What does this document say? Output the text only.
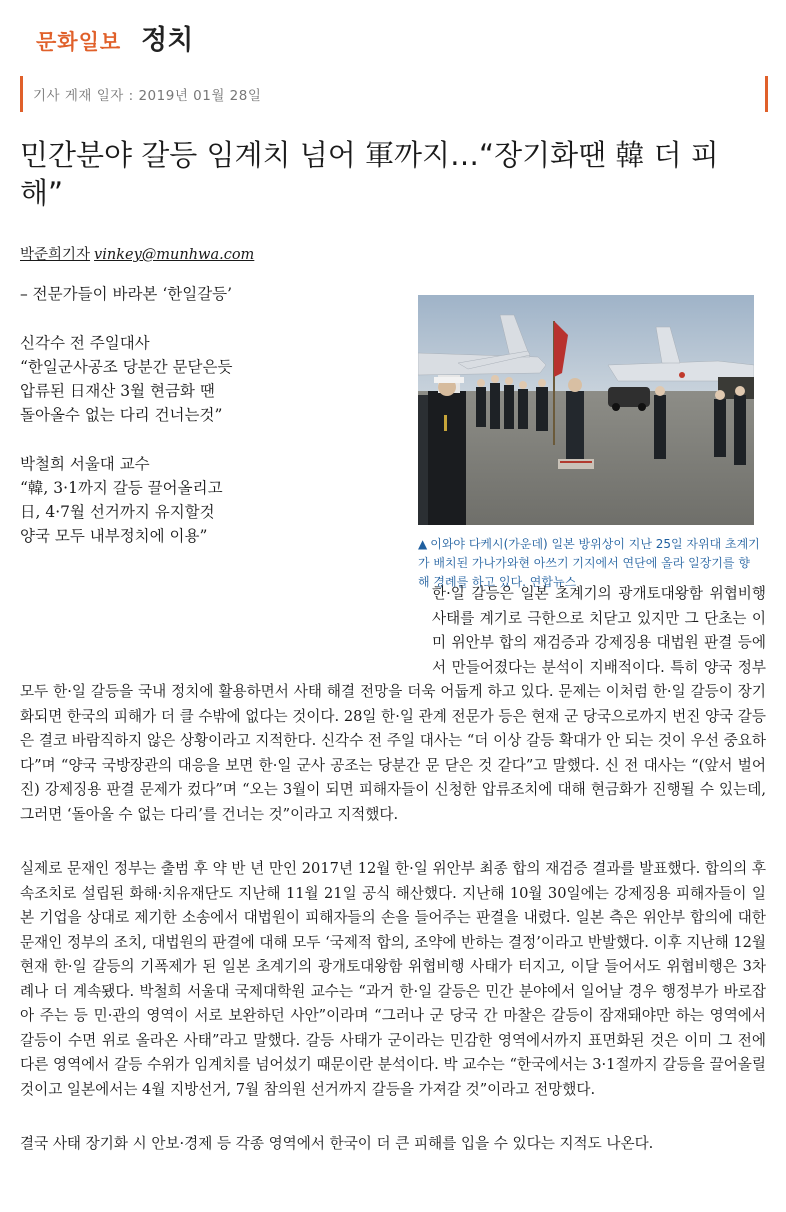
문화일보 정치
기사 게재 일자 : 2019년 01월 28일
민간분야 갈등 임계치 넘어 軍까지…“장기화땐 韓 더 피해”
박준희기자 vinkey@munhwa.com
– 전문가들이 바라본 ‘한일갈등’
신각수 전 주일대사
“한일군사공조 당분간 문닫은듯
압류된 日재산 3월 현금화 땐
돌아올수 없는 다리 건너는것”
박철희 서울대 교수
“韓, 3·1까지 갈등 끌어올리고
日, 4·7월 선거까지 유지할것
양국 모두 내부정치에 이용”	▲ 이와야 다케시(가운데) 일본 방위상이 지난 25일 자위대 초계기가 배치된 가나가와현 아쓰기 기지에서 연단에 올라 일장기를 향해 경례를 하고 있다. 연합뉴스

한·일 갈등은 일본 초계기의 광개토대왕함 위협비행 사태를 계기로 극한으로 치닫고 있지만 그 단초는 이미 위안부 합의 재검증과 강제징용 대법원 판결 등에서 만들어졌다는 분석이 지배적이다. 특히 양국 정부 모두 한·일 갈등을 국내 정치에 활용하면서 사태 해결 전망을 더욱 어둡게 하고 있다. 문제는 이처럼 한·일 갈등이 장기화되면 한국의 피해가 더 클 수밖에 없다는 것이다. 28일 한·일 관계 전문가 등은 현재 군 당국으로까지 번진 양국 갈등은 결코 바람직하지 않은 상황이라고 지적한다. 신각수 전 주일 대사는 “더 이상 갈등 확대가 안 되는 것이 우선 중요하다”며 “양국 국방장관의 대응을 보면 한·일 군사 공조는 당분간 문 닫은 것 같다”고 말했다. 신 전 대사는 “(앞서 벌어진) 강제징용 판결 문제가 컸다”며 “오는 3월이 되면 피해자들이 신청한 압류조치에 대해 현금화가 진행될 수 있는데, 그러면 ‘돌아올 수 없는 다리’를 건너는 것”이라고 지적했다.

실제로 문재인 정부는 출범 후 약 반 년 만인 2017년 12월 한·일 위안부 최종 합의 재검증 결과를 발표했다. 합의의 후속조치로 설립된 화해·치유재단도 지난해 11월 21일 공식 해산했다. 지난해 10월 30일에는 강제징용 피해자들이 일본 기업을 상대로 제기한 소송에서 대법원이 피해자들의 손을 들어주는 판결을 내렸다. 일본 측은 위안부 합의에 대한 문재인 정부의 조치, 대법원의 판결에 대해 모두 ‘국제적 합의, 조약에 반하는 결정’이라고 반발했다. 이후 지난해 12월 현재 한·일 갈등의 기폭제가 된 일본 초계기의 광개토대왕함 위협비행 사태가 터지고, 이달 들어서도 위협비행은 3차례나 더 계속됐다. 박철희 서울대 국제대학원 교수는 “과거 한·일 갈등은 민간 분야에서 일어날 경우 행정부가 바로잡아 주는 등 민·관의 영역이 서로 보완하던 사안”이라며 “그러나 군 당국 간 마찰은 갈등이 잠재돼야만 하는 영역에서 갈등이 수면 위로 올라온 사태”라고 말했다. 갈등 사태가 군이라는 민감한 영역에서까지 표면화된 것은 이미 그 전에 다른 영역에서 갈등 수위가 임계치를 넘어섰기 때문이란 분석이다. 박 교수는 “한국에서는 3·1절까지 갈등을 끌어올릴 것이고 일본에서는 4월 지방선거, 7월 참의원 선거까지 갈등을 가져갈 것”이라고 전망했다.

결국 사태 장기화 시 안보·경제 등 각종 영역에서 한국이 더 큰 피해를 입을 수 있다는 지적도 나온다.
